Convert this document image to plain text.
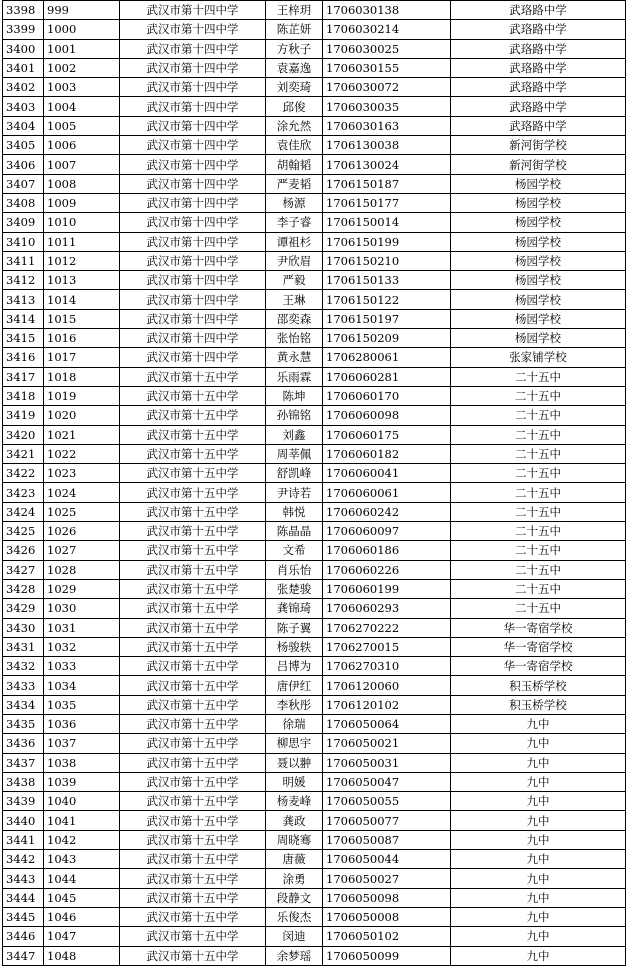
3398	999	武汉市第十四中学	王梓玥	1706030138	武珞路中学
3399	1000	武汉市第十四中学	陈芷妍	1706030214	武珞路中学
3400	1001	武汉市第十四中学	方秋子	1706030025	武珞路中学
3401	1002	武汉市第十四中学	袁嘉逸	1706030155	武珞路中学
3402	1003	武汉市第十四中学	刘奕琦	1706030072	武珞路中学
3403	1004	武汉市第十四中学	邱俊	1706030035	武珞路中学
3404	1005	武汉市第十四中学	涂允然	1706030163	武珞路中学
3405	1006	武汉市第十四中学	袁佳欣	1706130038	新河街学校
3406	1007	武汉市第十四中学	胡翰韬	1706130024	新河街学校
3407	1008	武汉市第十四中学	严麦韬	1706150187	杨园学校
3408	1009	武汉市第十四中学	杨源	1706150177	杨园学校
3409	1010	武汉市第十四中学	李子睿	1706150014	杨园学校
3410	1011	武汉市第十四中学	谭祖杉	1706150199	杨园学校
3411	1012	武汉市第十四中学	尹欣眉	1706150210	杨园学校
3412	1013	武汉市第十四中学	严毅	1706150133	杨园学校
3413	1014	武汉市第十四中学	王琳	1706150122	杨园学校
3414	1015	武汉市第十四中学	邵奕森	1706150197	杨园学校
3415	1016	武汉市第十四中学	张怡铭	1706150209	杨园学校
3416	1017	武汉市第十四中学	黄永慧	1706280061	张家铺学校
3417	1018	武汉市第十五中学	乐雨霖	1706060281	二十五中
3418	1019	武汉市第十五中学	陈坤	1706060170	二十五中
3419	1020	武汉市第十五中学	孙锦铭	1706060098	二十五中
3420	1021	武汉市第十五中学	刘鑫	1706060175	二十五中
3421	1022	武汉市第十五中学	周莘佩	1706060182	二十五中
3422	1023	武汉市第十五中学	舒凯峰	1706060041	二十五中
3423	1024	武汉市第十五中学	尹诗若	1706060061	二十五中
3424	1025	武汉市第十五中学	韩悦	1706060242	二十五中
3425	1026	武汉市第十五中学	陈晶晶	1706060097	二十五中
3426	1027	武汉市第十五中学	文希	1706060186	二十五中
3427	1028	武汉市第十五中学	肖乐怡	1706060226	二十五中
3428	1029	武汉市第十五中学	张楚骏	1706060199	二十五中
3429	1030	武汉市第十五中学	龚锦琦	1706060293	二十五中
3430	1031	武汉市第十五中学	陈子翼	1706270222	华一寄宿学校
3431	1032	武汉市第十五中学	杨骏轶	1706270015	华一寄宿学校
3432	1033	武汉市第十五中学	吕博为	1706270310	华一寄宿学校
3433	1034	武汉市第十五中学	唐伊红	1706120060	积玉桥学校
3434	1035	武汉市第十五中学	李秋彤	1706120102	积玉桥学校
3435	1036	武汉市第十五中学	徐瑞	1706050064	九中
3436	1037	武汉市第十五中学	柳思宇	1706050021	九中
3437	1038	武汉市第十五中学	聂以翀	1706050031	九中
3438	1039	武汉市第十五中学	明媛	1706050047	九中
3439	1040	武汉市第十五中学	杨麦峰	1706050055	九中
3440	1041	武汉市第十五中学	龚政	1706050077	九中
3441	1042	武汉市第十五中学	周晓骞	1706050087	九中
3442	1043	武汉市第十五中学	唐薇	1706050044	九中
3443	1044	武汉市第十五中学	涂勇	1706050027	九中
3444	1045	武汉市第十五中学	段静文	1706050098	九中
3445	1046	武汉市第十五中学	乐俊杰	1706050008	九中
3446	1047	武汉市第十五中学	闵迪	1706050102	九中
3447	1048	武汉市第十五中学	余梦瑶	1706050099	九中
